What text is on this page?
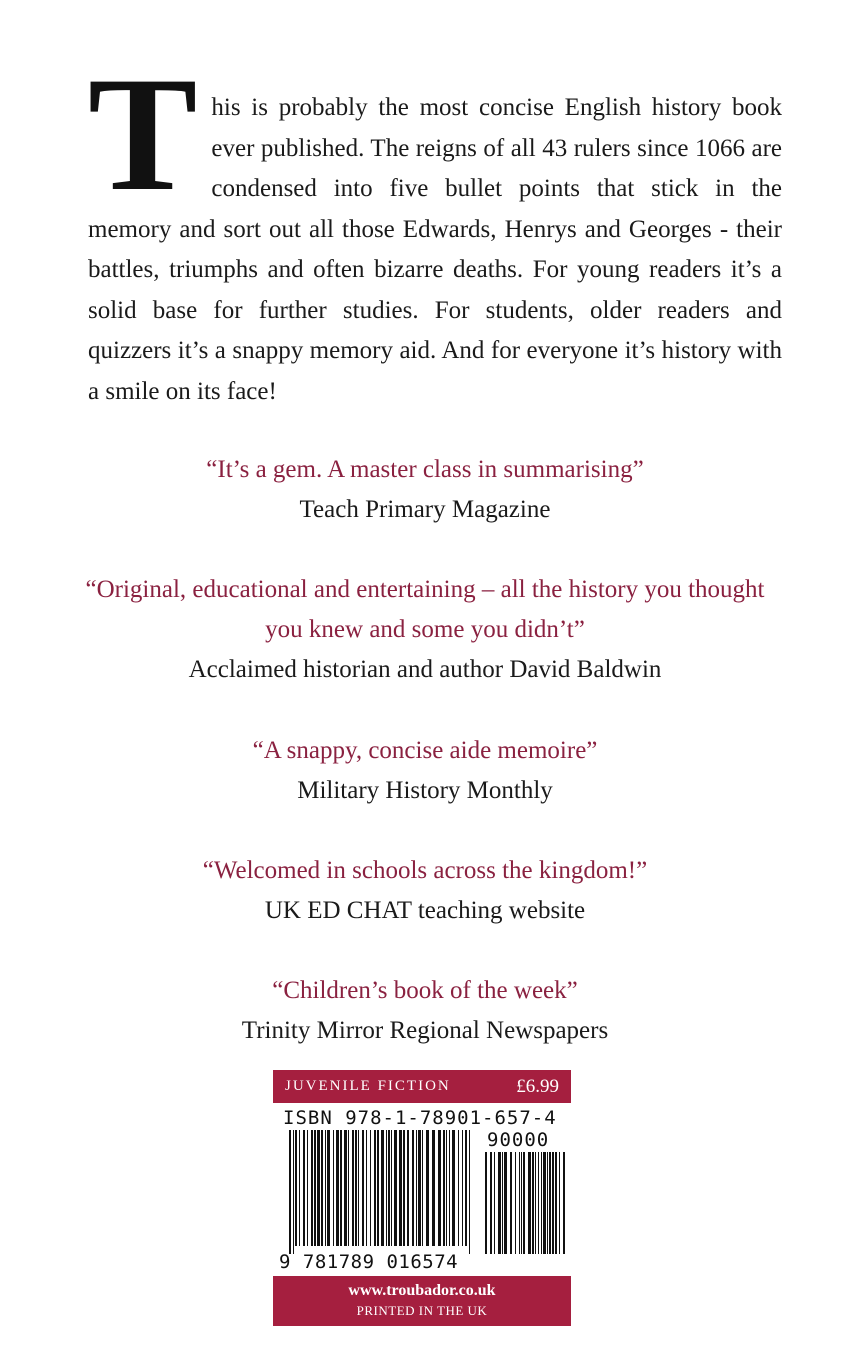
This is probably the most concise English history book ever published. The reigns of all 43 rulers since 1066 are condensed into five bullet points that stick in the memory and sort out all those Edwards, Henrys and Georges - their battles, triumphs and often bizarre deaths. For young readers it’s a solid base for further studies. For students, older readers and quizzers it’s a snappy memory aid. And for everyone it’s history with a smile on its face!

“It’s a gem. A master class in summarising”

Teach Primary Magazine

“Original, educational and entertaining – all the history you thought you knew and some you didn’t”

Acclaimed historian and author David Baldwin

“A snappy, concise aide memoire”

Military History Monthly

“Welcomed in schools across the kingdom!”

UK ED CHAT teaching website

“Children’s book of the week”

Trinity Mirror Regional Newspapers

JUVENILE FICTION	£6.99
ISBN 978-1-78901-657-4
90000
9 781789 016574
www.troubador.co.uk
PRINTED IN THE UK
